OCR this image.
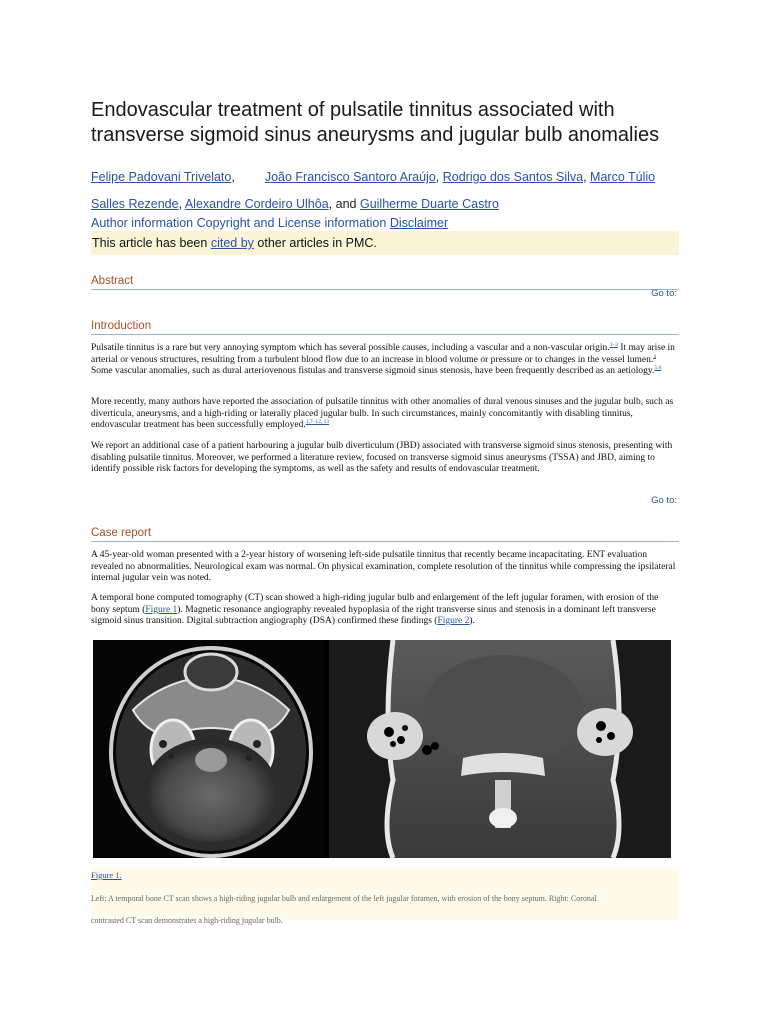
Endovascular treatment of pulsatile tinnitus associated with transverse sigmoid sinus aneurysms and jugular bulb anomalies
Felipe Padovani Trivelato, João Francisco Santoro Araújo, Rodrigo dos Santos Silva, Marco Túlio Salles Rezende, Alexandre Cordeiro Ulhôa, and Guilherme Duarte Castro
Author information Copyright and License information Disclaimer
This article has been cited by other articles in PMC.
Abstract
Go to:
Introduction

Pulsatile tinnitus is a rare but very annoying symptom which has several possible causes, including a vascular and a non-vascular origin.$^{1-3}$ It may arise in arterial or venous structures, resulting from a turbulent blood flow due to an increase in blood volume or pressure or to changes in the vessel lumen.$^4$ Some vascular anomalies, such as dural arteriovenous fistulas and transverse sigmoid sinus stenosis, have been frequently described as an aetiology.$^{5,6}$

More recently, many authors have reported the association of pulsatile tinnitus with other anomalies of dural venous sinuses and the jugular bulb, such as diverticula, aneurysms, and a high-riding or laterally placed jugular bulb. In such circumstances, mainly concomitantly with disabling tinnitus, endovascular treatment has been successfully employed.$^{1,7-12, 13}$

We report an additional case of a patient harbouring a jugular bulb diverticulum (JBD) associated with transverse sigmoid sinus stenosis, presenting with disabling pulsatile tinnitus. Moreover, we performed a literature review, focused on transverse sigmoid sinus aneurysms (TSSA) and JBD, aiming to identify possible risk factors for developing the symptoms, as well as the safety and results of endovascular treatment.

Go to:
Case report

A 45-year-old woman presented with a 2-year history of worsening left-side pulsatile tinnitus that recently became incapacitating. ENT evaluation revealed no abnormalities. Neurological exam was normal. On physical examination, complete resolution of the tinnitus while compressing the ipsilateral internal jugular vein was noted.

A temporal bone computed tomography (CT) scan showed a high-riding jugular bulb and enlargement of the left jugular foramen, with erosion of the bony septum (Figure 1). Magnetic resonance angiography revealed hypoplasia of the right transverse sinus and stenosis in a dominant left transverse sigmoid sinus transition. Digital subtraction angiography (DSA) confirmed these findings (Figure 2).

Figure 1.
Left: A temporal bone CT scan shows a high-riding jugular bulb and enlargement of the left jugular foramen, with erosion of the bony septum. Right: Coronal
contrasted CT scan demonstrates a high-riding jugular bulb.
